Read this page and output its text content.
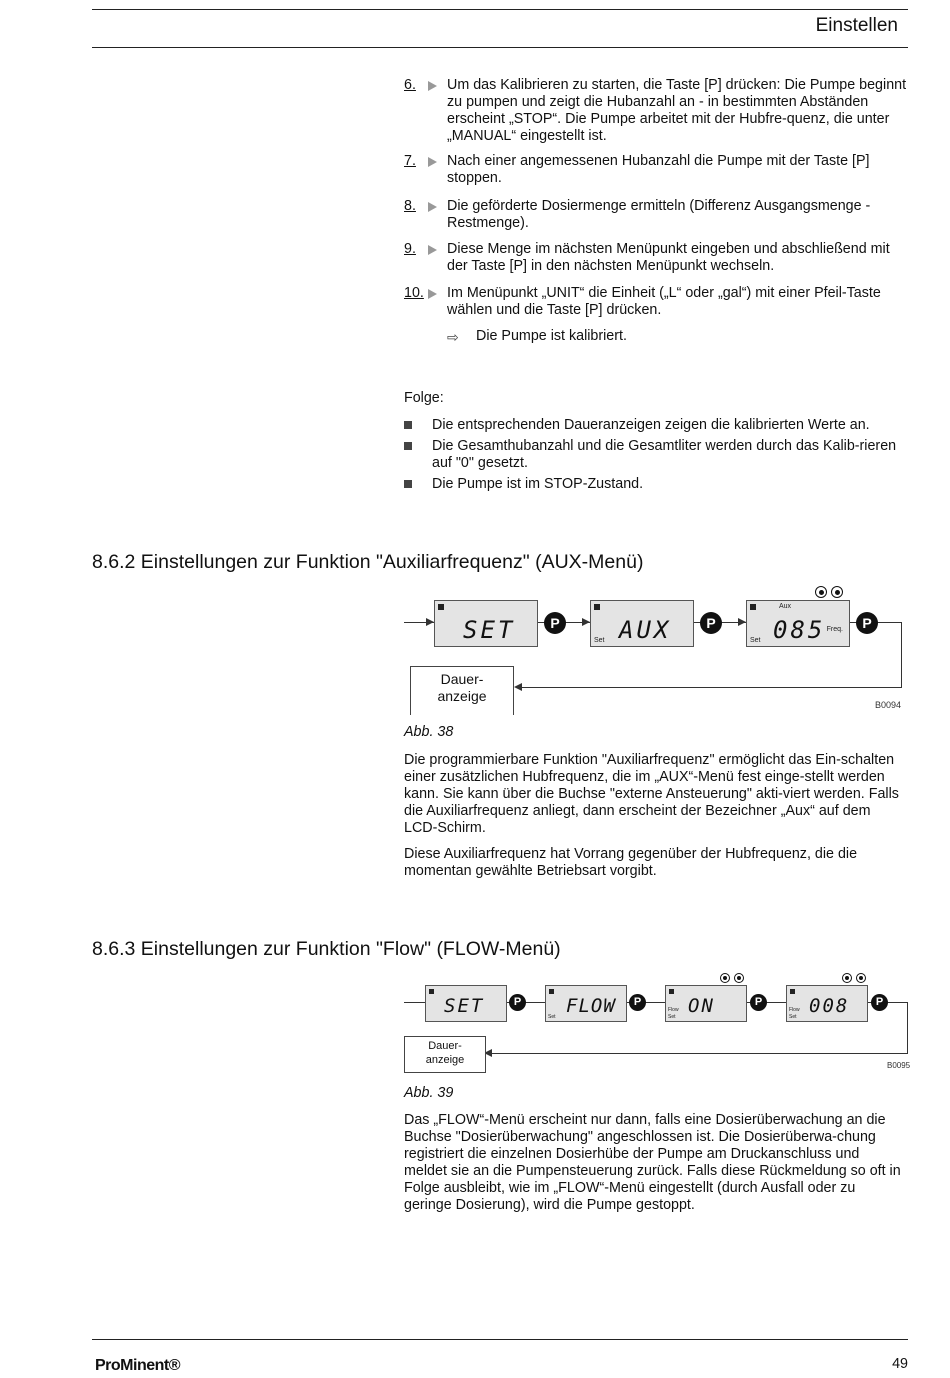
Einstellen
6. Um das Kalibrieren zu starten, die Taste [P] drücken: Die Pumpe beginnt zu pumpen und zeigt die Hubanzahl an - in bestimmten Abständen erscheint „STOP“. Die Pumpe arbeitet mit der Hubfre-quenz, die unter „MANUAL“ eingestellt ist.
7. Nach einer angemessenen Hubanzahl die Pumpe mit der Taste [P] stoppen.
8. Die geförderte Dosiermenge ermitteln (Differenz Ausgangsmenge - Restmenge).
9. Diese Menge im nächsten Menüpunkt eingeben und abschließend mit der Taste [P] in den nächsten Menüpunkt wechseln.
10. Im Menüpunkt „UNIT“ die Einheit („L“ oder „gal“) mit einer Pfeil-Taste wählen und die Taste [P] drücken.
⇨ Die Pumpe ist kalibriert.
Folge:
Die entsprechenden Daueranzeigen zeigen die kalibrierten Werte an.
Die Gesamthubanzahl und die Gesamtliter werden durch das Kalib-rieren auf "0" gesetzt.
Die Pumpe ist im STOP-Zustand.
8.6.2 Einstellungen zur Funktion "Auxiliarfrequenz" (AUX-Menü)
SET	P
Set AUX	P

Aux
Set
Freq.
085	P
Dauer-
anzeige
B0094
Abb. 38
Die programmierbare Funktion "Auxiliarfrequenz" ermöglicht das Ein-schalten einer zusätzlichen Hubfrequenz, die im „AUX“-Menü fest einge-stellt werden kann. Sie kann über die Buchse "externe Ansteuerung" akti-viert werden. Falls die Auxiliarfrequenz anliegt, dann erscheint der Bezeichner „Aux“ auf dem LCD-Schirm.
Diese Auxiliarfrequenz hat Vorrang gegenüber der Hubfrequenz, die die momentan gewählte Betriebsart vorgibt.
8.6.3 Einstellungen zur Funktion "Flow" (FLOW-Menü)
SET	P
Set FLOW	P

Flow
Set ON	P

Flow
Set 008	P
Dauer-
anzeige	B0095
Abb. 39
Das „FLOW“-Menü erscheint nur dann, falls eine Dosierüberwachung an die Buchse "Dosierüberwachung" angeschlossen ist. Die Dosierüberwa-chung registriert die einzelnen Dosierhübe der Pumpe am Druckanschluss und meldet sie an die Pumpensteuerung zurück. Falls diese Rückmeldung so oft in Folge ausbleibt, wie im „FLOW“-Menü eingestellt (durch Ausfall oder zu geringe Dosierung), wird die Pumpe gestoppt.
ProMinent®	49
